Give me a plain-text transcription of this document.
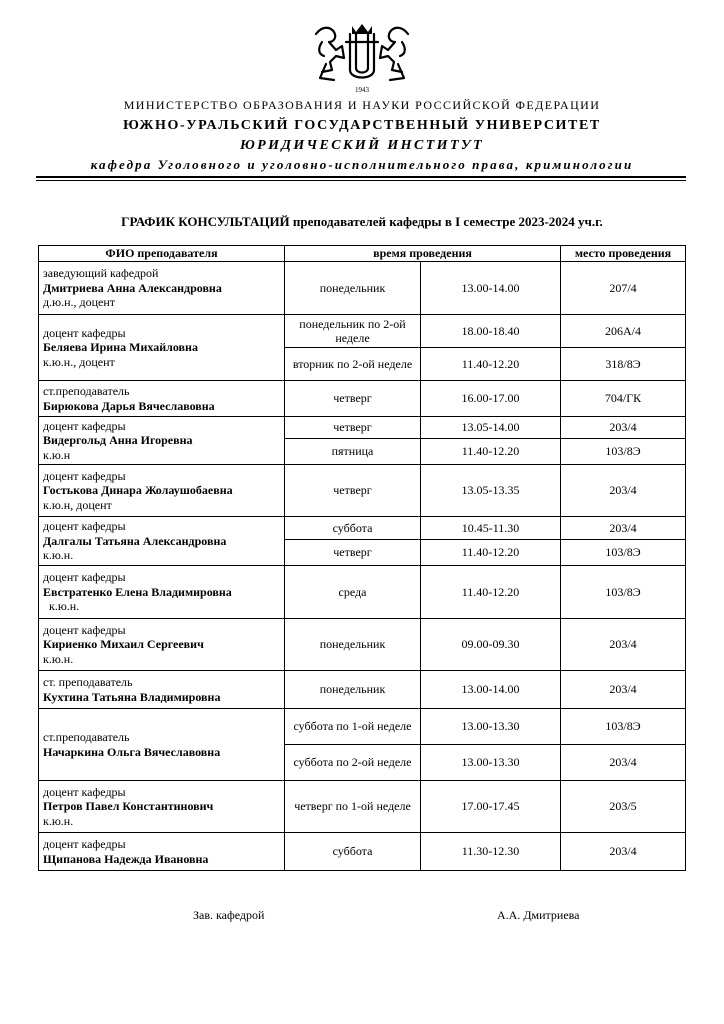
1943
МИНИСТЕРСТВО ОБРАЗОВАНИЯ И НАУКИ РОССИЙСКОЙ ФЕДЕРАЦИИ
ЮЖНО-УРАЛЬСКИЙ ГОСУДАРСТВЕННЫЙ УНИВЕРСИТЕТ
ЮРИДИЧЕСКИЙ ИНСТИТУТ
кафедра Уголовного и уголовно-исполнительного права, криминологии
ГРАФИК КОНСУЛЬТАЦИЙ преподавателей кафедры в I семестре 2023-2024 уч.г.
ФИО преподавателя	время проведения		место проведения

заведующий кафедрой
Дмитриева Анна Александровна
д.ю.н., доцент	понедельник	13.00-14.00	207/4

доцент кафедры
Беляева Ирина Михайловна
к.ю.н., доцент	понедельник по 2-ой неделе	18.00-18.40	206А/4
	вторник по 2-ой неделе	11.40-12.20	318/8Э

ст.преподаватель
Бирюкова Дарья Вячеславовна	четверг	16.00-17.00	704/ГК

доцент кафедры
Видергольд Анна Игоревна
к.ю.н	четверг	13.05-14.00	203/4
	пятница	11.40-12.20	103/8Э

доцент кафедры
Гостькова Динара Жолаушобаевна
к.ю.н, доцент	четверг	13.05-13.35	203/4

доцент кафедры
Далгалы Татьяна Александровна
к.ю.н.	суббота	10.45-11.30	203/4
	четверг	11.40-12.20	103/8Э

доцент кафедры
Евстратенко Елена Владимировна
к.ю.н.	среда	11.40-12.20	103/8Э

доцент кафедры
Кириенко Михаил Сергеевич
к.ю.н.	понедельник	09.00-09.30	203/4

ст. преподаватель
Кухтина Татьяна Владимировна	понедельник	13.00-14.00	203/4

ст.преподаватель
Начаркина Ольга Вячеславовна	суббота по 1-ой неделе	13.00-13.30	103/8Э
	суббота по 2-ой неделе	13.00-13.30	203/4

доцент кафедры
Петров Павел Константинович
к.ю.н.	четверг по 1-ой неделе	17.00-17.45	203/5

доцент кафедры
Щипанова Надежда Ивановна	суббота	11.30-12.30	203/4
Зав. кафедрой	А.А. Дмитриева
